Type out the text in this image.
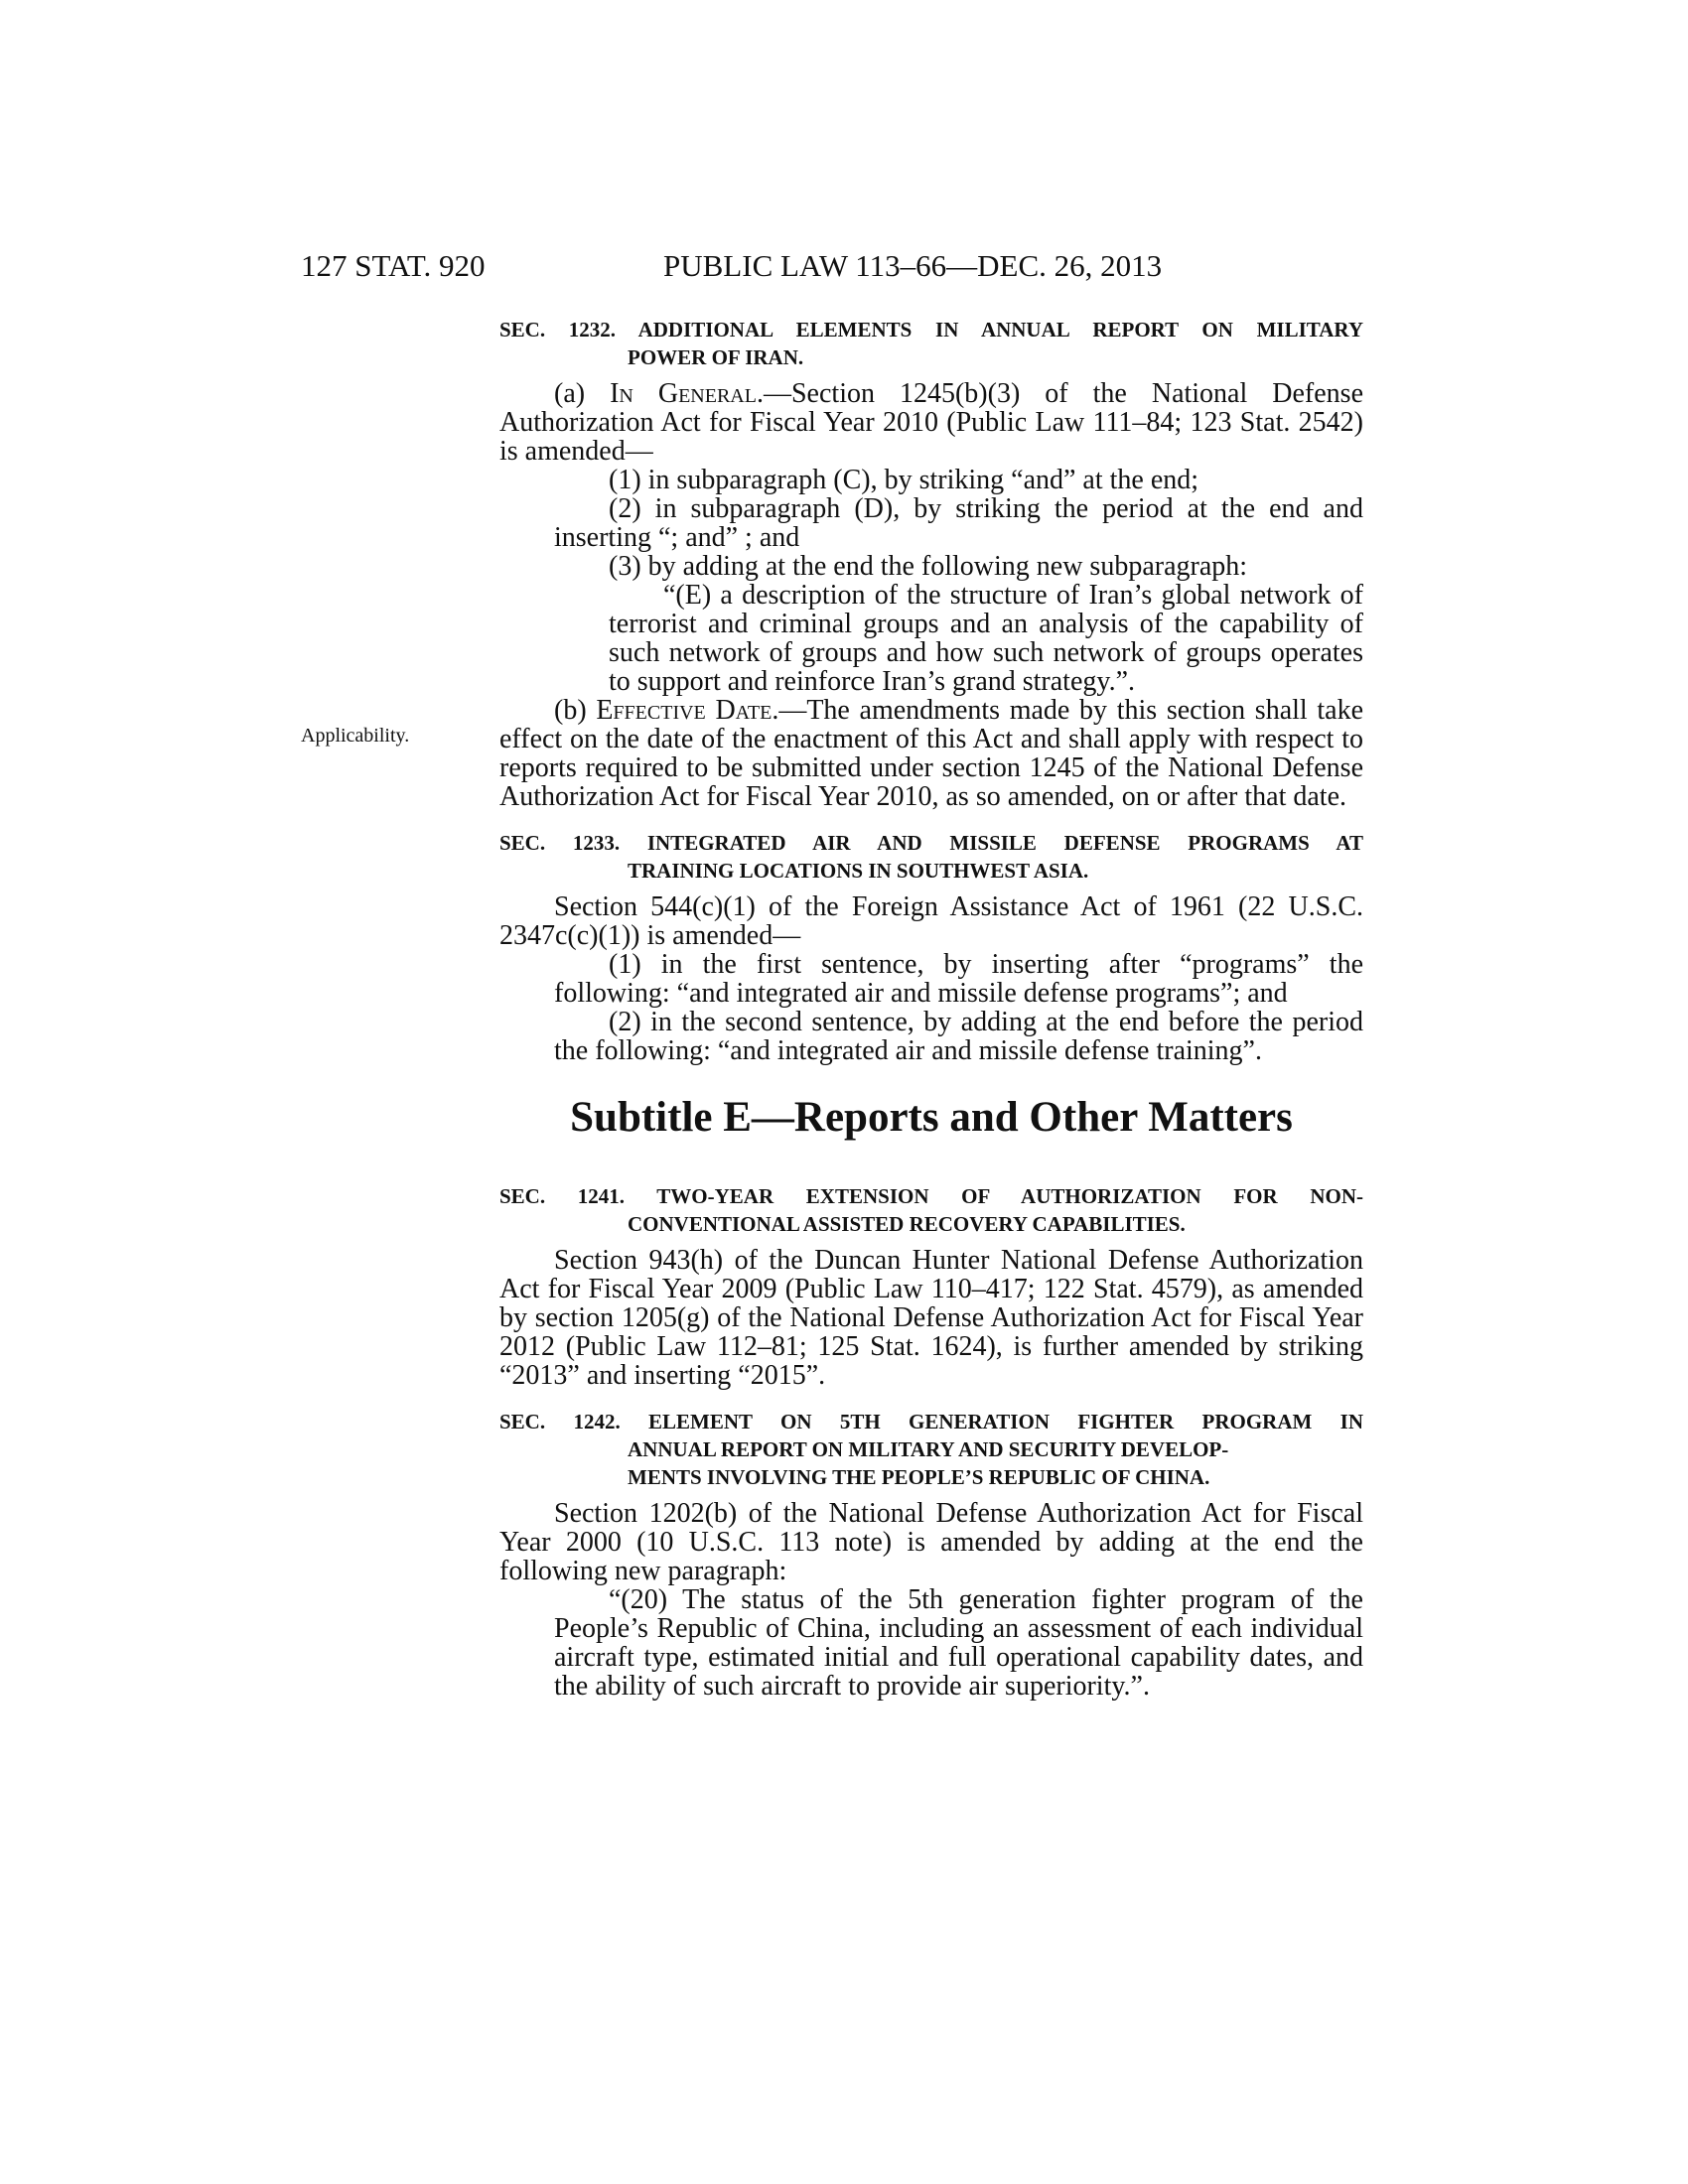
127 STAT. 920	PUBLIC LAW 113–66—DEC. 26, 2013
Applicability.
SEC. 1232. ADDITIONAL ELEMENTS IN ANNUAL REPORT ON MILITARY
POWER OF IRAN.

(a) In General.—Section 1245(b)(3) of the National Defense Authorization Act for Fiscal Year 2010 (Public Law 111–84; 123 Stat. 2542) is amended—

(1) in subparagraph (C), by striking “and” at the end;

(2) in subparagraph (D), by striking the period at the end and inserting “; and” ; and

(3) by adding at the end the following new subparagraph:

“(E) a description of the structure of Iran’s global network of terrorist and criminal groups and an analysis of the capability of such network of groups and how such network of groups operates to support and reinforce Iran’s grand strategy.”.

(b) Effective Date.—The amendments made by this section shall take effect on the date of the enactment of this Act and shall apply with respect to reports required to be submitted under section 1245 of the National Defense Authorization Act for Fiscal Year 2010, as so amended, on or after that date.

SEC. 1233. INTEGRATED AIR AND MISSILE DEFENSE PROGRAMS AT
TRAINING LOCATIONS IN SOUTHWEST ASIA.

Section 544(c)(1) of the Foreign Assistance Act of 1961 (22 U.S.C. 2347c(c)(1)) is amended—

(1) in the first sentence, by inserting after “programs” the following: “and integrated air and missile defense programs”; and

(2) in the second sentence, by adding at the end before the period the following: “and integrated air and missile defense training”.

Subtitle E—Reports and Other Matters
SEC. 1241. TWO-YEAR EXTENSION OF AUTHORIZATION FOR NON-
CONVENTIONAL ASSISTED RECOVERY CAPABILITIES.

Section 943(h) of the Duncan Hunter National Defense Authorization Act for Fiscal Year 2009 (Public Law 110–417; 122 Stat. 4579), as amended by section 1205(g) of the National Defense Authorization Act for Fiscal Year 2012 (Public Law 112–81; 125 Stat. 1624), is further amended by striking “2013” and inserting “2015”.

SEC. 1242. ELEMENT ON 5TH GENERATION FIGHTER PROGRAM IN
ANNUAL REPORT ON MILITARY AND SECURITY DEVELOP-
MENTS INVOLVING THE PEOPLE’S REPUBLIC OF CHINA.

Section 1202(b) of the National Defense Authorization Act for Fiscal Year 2000 (10 U.S.C. 113 note) is amended by adding at the end the following new paragraph:

“(20) The status of the 5th generation fighter program of the People’s Republic of China, including an assessment of each individual aircraft type, estimated initial and full operational capability dates, and the ability of such aircraft to provide air superiority.”.
